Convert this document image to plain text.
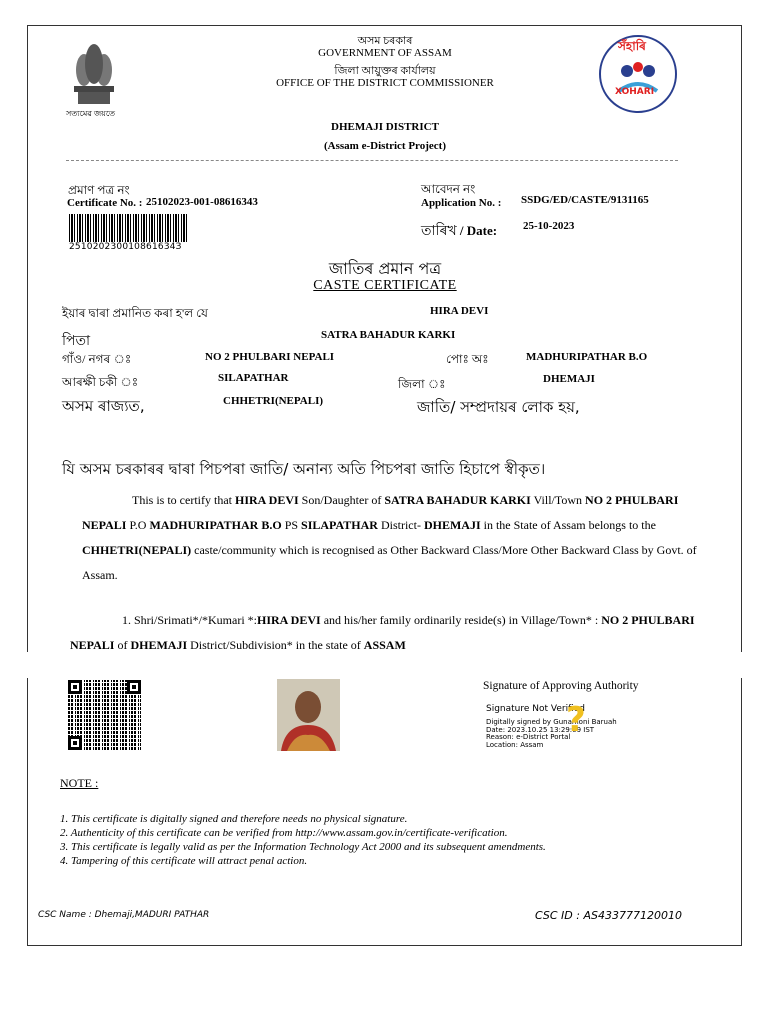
সত্যমেৱ জয়তে
অসম চৰকাৰ
GOVERNMENT OF ASSAM
জিলা আয়ুক্তৰ কাৰ্যালয়
OFFICE OF THE DISTRICT COMMISSIONER
DHEMAJI DISTRICT
(Assam e-District Project)
সঁহাৰি
XOHARI
প্ৰমাণ পত্ৰ নং
Certificate No. : 25102023-001-08616343
251020230010861634З
আবেদন নং
Application No. : SSDG/ED/CASTE/9131165
তাৰিখ / Date: 25-10-2023
জাতিৰ প্ৰমান পত্ৰ
CASTE CERTIFICATE
ইয়াৰ দ্বাৰা প্ৰমানিত কৰা হ'ল যে	HIRA DEVI
পিতা	SATRA BAHADUR KARKI
গাঁও/ নগৰ ঃ	NO 2 PHULBARI NEPALI	পোঃ অঃ	MADHURIPATHAR B.O
আৰক্ষী চকী ঃ	SILAPATHAR	জিলা ঃ	DHEMAJI
অসম ৰাজ্যত,	CHHETRI(NEPALI)	জাতি/ সম্প্ৰদায়ৰ লোক হয়,
যি অসম চৰকাৰৰ দ্বাৰা পিচপৰা জাতি/ অনান্য অতি পিচপৰা জাতি হিচাপে স্বীকৃত।
This is to certify that HIRA DEVI Son/Daughter of SATRA BAHADUR KARKI Vill/Town NO 2 PHULBARI NEPALI P.O MADHURIPATHAR B.O PS SILAPATHAR District- DHEMAJI in the State of Assam belongs to the CHHETRI(NEPALI) caste/community which is recognised as Other Backward Class/More Other Backward Class by Govt. of Assam.
1. Shri/Srimati*/*Kumari *:HIRA DEVI and his/her family ordinarily reside(s) in Village/Town* : NO 2 PHULBARI NEPALI of DHEMAJI District/Subdivision* in the state of ASSAM
Signature of Approving Authority
Signature Not Verified
Digitally signed by Gunamoni Baruah
Date: 2023.10.25 13:29:09 IST
Reason: e-District Portal
Location: Assam
?
NOTE :
1. This certificate is digitally signed and therefore needs no physical signature.
2. Authenticity of this certificate can be verified from http://www.assam.gov.in/certificate-verification.
3. This certificate is legally valid as per the Information Technology Act 2000 and its subsequent amendments.
4. Tampering of this certificate will attract penal action.
CSC Name : Dhemaji,MADURI PATHAR	CSC ID : AS433777120010
